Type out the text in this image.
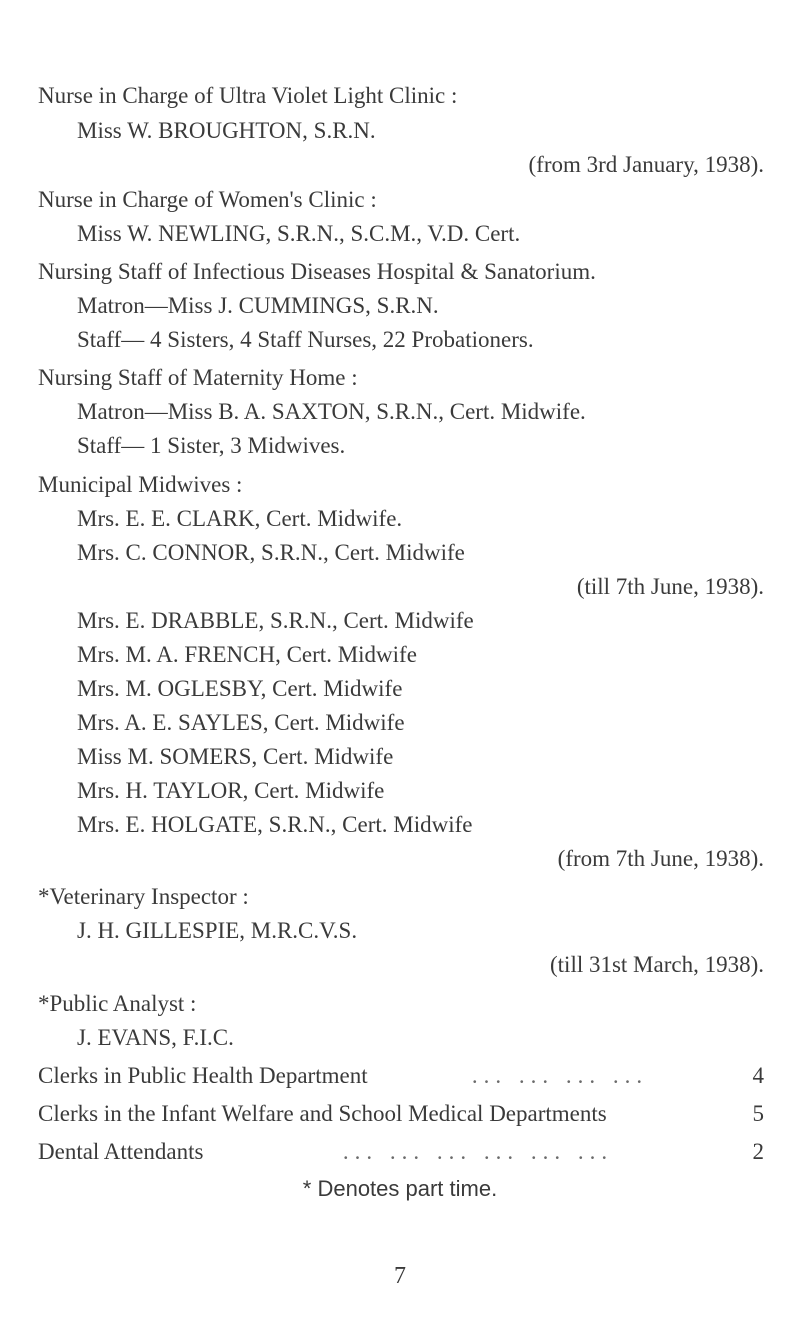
Nurse in Charge of Ultra Violet Light Clinic :
Miss W. BROUGHTON, S.R.N.
(from 3rd January, 1938).
Nurse in Charge of Women's Clinic :
Miss W. NEWLING, S.R.N., S.C.M., V.D. Cert.
Nursing Staff of Infectious Diseases Hospital & Sanatorium.
Matron—Miss J. CUMMINGS, S.R.N.
Staff— 4 Sisters, 4 Staff Nurses, 22 Probationers.
Nursing Staff of Maternity Home :
Matron—Miss B. A. SAXTON, S.R.N., Cert. Midwife.
Staff— 1 Sister, 3 Midwives.
Municipal Midwives :
Mrs. E. E. CLARK, Cert. Midwife.
Mrs. C. CONNOR, S.R.N., Cert. Midwife
(till 7th June, 1938).
Mrs. E. DRABBLE, S.R.N., Cert. Midwife
Mrs. M. A. FRENCH, Cert. Midwife
Mrs. M. OGLESBY, Cert. Midwife
Mrs. A. E. SAYLES, Cert. Midwife
Miss M. SOMERS, Cert. Midwife
Mrs. H. TAYLOR, Cert. Midwife
Mrs. E. HOLGATE, S.R.N., Cert. Midwife
(from 7th June, 1938).
*Veterinary Inspector :
J. H. GILLESPIE, M.R.C.V.S.
(till 31st March, 1938).
*Public Analyst :
J. EVANS, F.I.C.
Clerks in Public Health Department	... ... ... ...	4
Clerks in the Infant Welfare and School Medical Departments	5
Dental Attendants	... ... ... ... ... ...	2
* Denotes part time.
7
